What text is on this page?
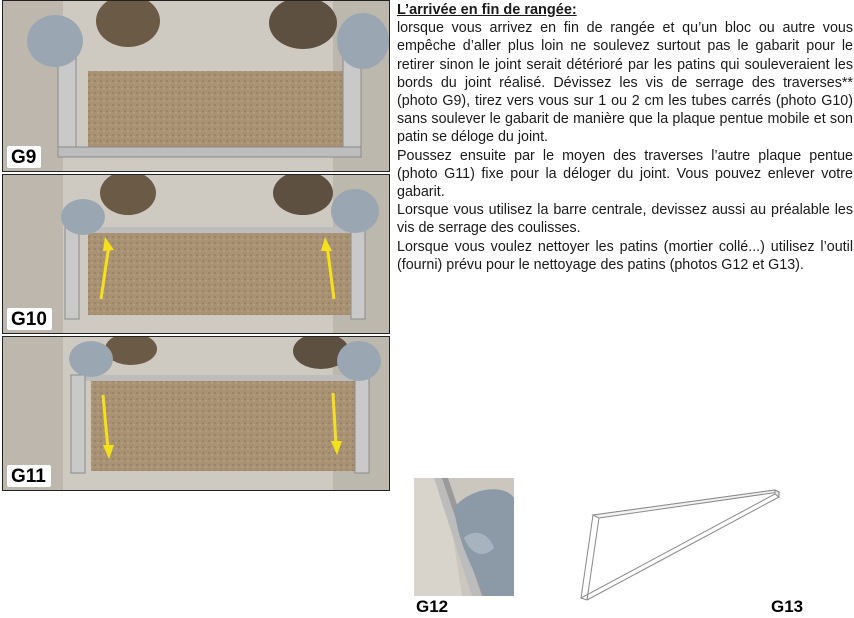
G9
G10
G11
L’arrivée en fin de rangée:

lorsque vous arrivez en fin de rangée et qu’un bloc ou autre vous empêche d’aller plus loin ne soulevez surtout pas le gabarit pour le retirer sinon le joint serait détérioré par les patins qui souleveraient les bords du joint réalisé. Dévissez les vis de serrage des traverses** (photo G9), tirez vers vous sur 1 ou 2 cm les tubes carrés (photo G10) sans soulever le gabarit de manière que la plaque pentue mobile et son patin se déloge du joint.

Poussez ensuite par le moyen des traverses l’autre plaque pentue (photo G11) fixe pour la déloger du joint. Vous pouvez enlever votre gabarit.

Lorsque vous utilisez la barre centrale, devissez aussi au préalable les vis de serrage des coulisses.

Lorsque vous voulez nettoyer les patins (mortier collé...) utilisez l’outil (fourni) prévu pour le nettoyage des patins (photos G12 et G13).

G12	G13
